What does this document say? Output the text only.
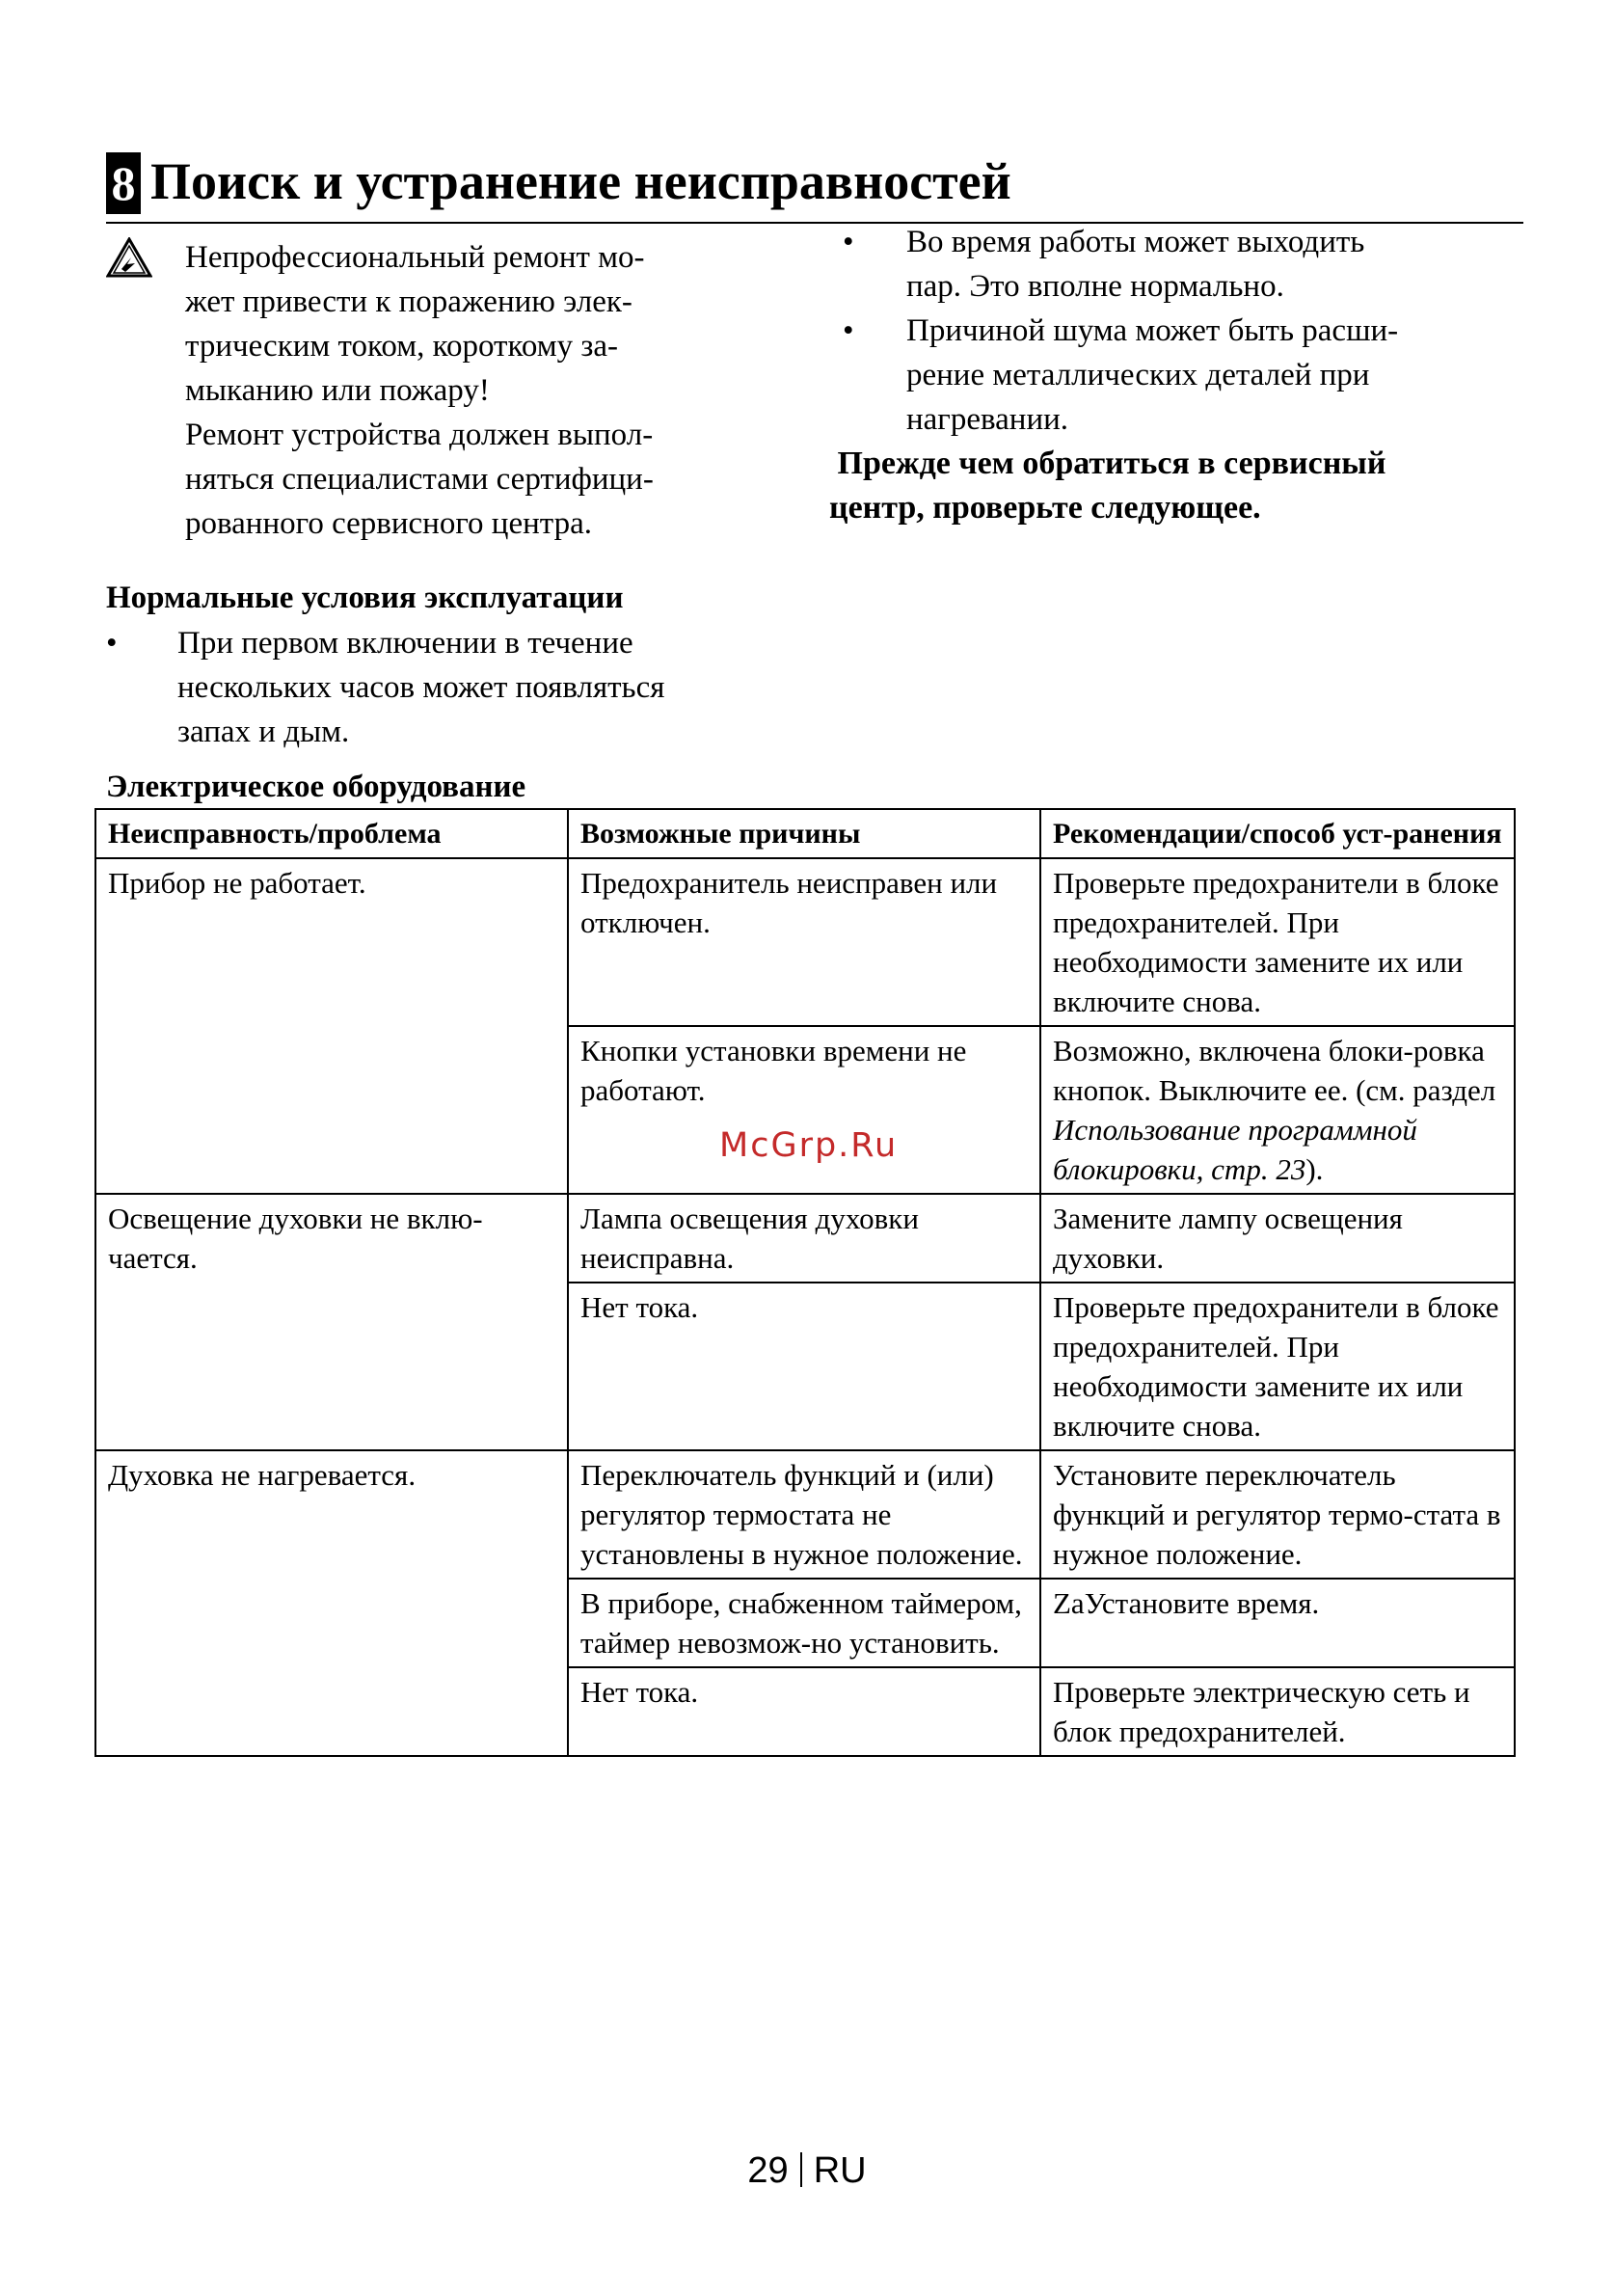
8 Поиск и устранение неисправностей

Непрофессиональный ремонт мо-

жет привести к поражению элек-

трическим током, короткому за-

мыканию или пожару!

Ремонт устройства должен выпол-

няться специалистами сертифици-

рованного сервисного центра.

• Во время работы может выходить
пар. Это вполне нормально.
• Причиной шума может быть расши-
рение металлических деталей при
нагревании.
Прежде чем обратиться в сервисный
центр, проверьте следующее.
Нормальные условия эксплуатации
• При первом включении в течение
нескольких часов может появляться
запах и дым.
Электрическое оборудование
Неисправность/проблема	Возможные причины	Рекомендации/способ уст-ранения
Прибор не работает.	Предохранитель неисправен или отключен.	Проверьте предохранители в блоке предохранителей. При необходимости замените их или включите снова.
	Кнопки установки времени не работают.	Возможно, включена блоки-ровка кнопок. Выключите ее. (см. раздел Использование программной блокировки, стр. 23).
Освещение духовки не вклю-чается.	Лампа освещения духовки неисправна.	Замените лампу освещения духовки.
	Нет тока.	Проверьте предохранители в блоке предохранителей. При необходимости замените их или включите снова.
Духовка не нагревается.	Переключатель функций и (или) регулятор термостата не установлены в нужное положение.	Установите переключатель функций и регулятор термо-стата в нужное положение.
	В приборе, снабженном таймером, таймер невозмож-но установить.	ZaУстановите время.
	Нет тока.	Проверьте электрическую сеть и блок предохранителей.
McGrp.Ru
29 RU
